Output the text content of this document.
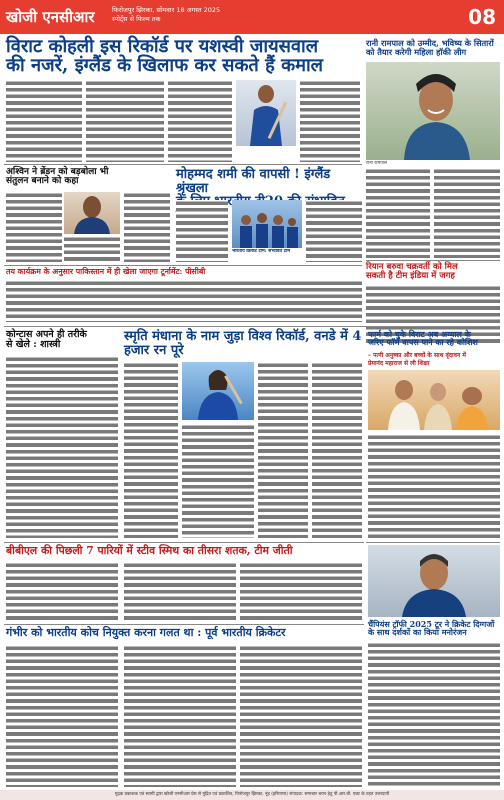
खोजी एनसीआर	फिरोजपुर झिरका, सोमवार 18 अगस्त 2025
स्पोर्ट्स से फिल्म तक	08
विराट कोहली इस रिकॉर्ड पर यशस्वी जायसवाल
की नजरें, इंग्लैंड के खिलाफ कर सकते हैं कमाल
रानी रामपाल को उम्मीद, भविष्य के सितारों
को तैयार करेगी महिला हॉकी लीग
रानी रामपाल
अश्विन ने ब्रेंडन को बड़बोला भी
संतुलन बनाने को कहा	मोहम्मद शमी की वापसी ! इंग्लैंड श्रृंखला
भारतीय क्रिकेट टीम: संभावित टीम
रियान बरुवा चक्रवर्ती को मिल
सकती है टीम इंडिया में जगह
तय कार्यक्रम के अनुसार पाकिस्तान में ही खेला जाएगा टूर्नामेंट: पीसीबी
कोन्टास अपने ही तरीके
से खेले : शास्त्री
स्मृति मंधाना के नाम जुड़ा विश्व रिकॉर्ड, वनडे में 4 हजार रन पूरे
फार्म को चुके विराट अब अय्याल के
जरिए फॉर्म वापस पाने का रहे कोशिश
– पत्नी अनुष्का और बच्चों के साथ वृंदावन में
प्रेमानंद महाराज से ली शिक्षा
बीबीएल की पिछली 7 पारियों में स्टीव स्मिथ का तीसरा शतक, टीम जीती
गंभीर को भारतीय कोच नियुक्त करना गलत था : पूर्व भारतीय क्रिकेटर
चैंपियंस ट्रॉफी 2025 टूर ने क्रिकेट दिग्गजों
के साथ दर्शकों का किया मनोरंजन
मुद्रक प्रकाशक एवं स्वामी द्वारा खोजी एनसीआर प्रेस से मुद्रित एवं प्रकाशित, फिरोजपुर झिरका, नूंह (हरियाणा) संपादक: समाचार चयन हेतु पी.आर.बी. एक्ट के तहत उत्तरदायी
